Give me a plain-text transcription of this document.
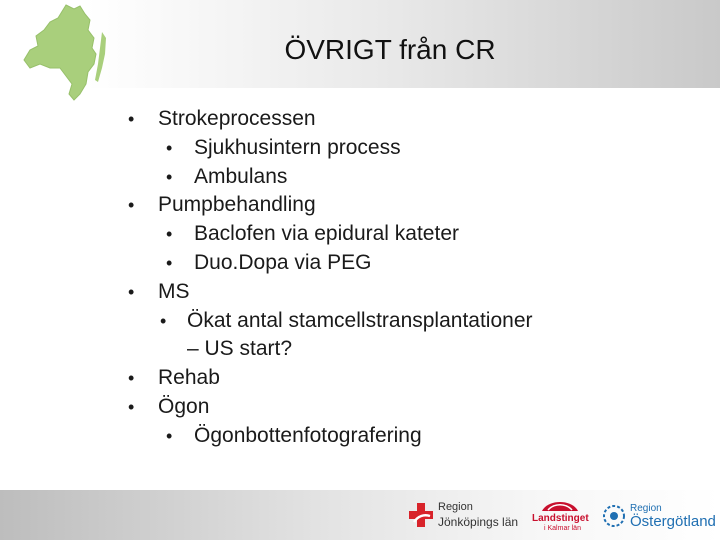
ÖVRIGT från CR
• Strokeprocessen
• Sjukhusintern process
• Ambulans
• Pumpbehandling
• Baclofen via epidural kateter
• Duo.Dopa via PEG
• MS
• Ökat antal stamcellstransplantationer
– US start?
• Rehab
• Ögon
• Ögonbottenfotografering
Region
Jönköpings län Landstinget
i Kalmar län
Region
Östergötland
